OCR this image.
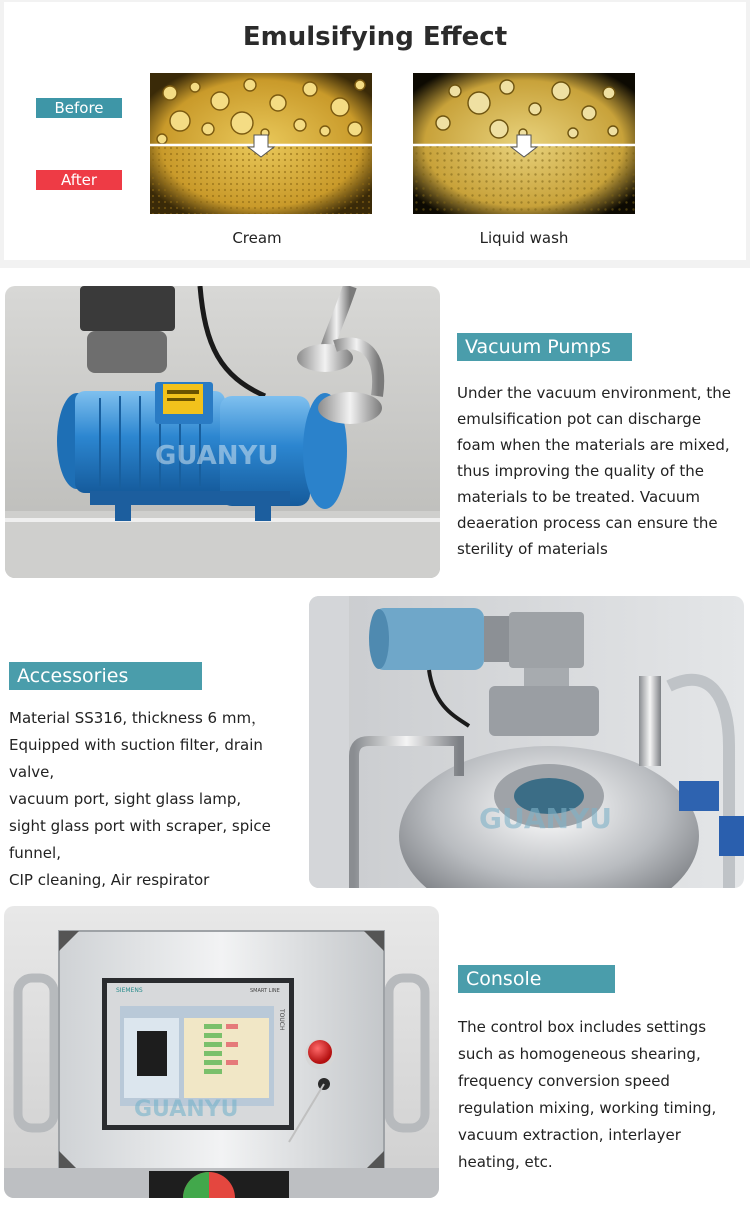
Emulsifying Effect
Before
After
Cream	Liquid wash
GUANYU
Vacuum Pumps
Under the vacuum environment, the emulsification pot can discharge foam when the materials are mixed, thus improving the quality of the materials to be treated. Vacuum deaeration process can ensure the sterility of materials
GUANYU
Accessories
Material SS316, thickness 6 mm，
Equipped with suction filter, drain valve,
vacuum port, sight glass lamp,
sight glass port with scraper, spice funnel,
CIP cleaning, Air respirator
SIEMENS	SMART LINE
TOUCH
GUANYU
Console
The control box includes settings such as homogeneous shearing, frequency conversion speed regulation mixing, working timing, vacuum extraction, interlayer heating, etc.
